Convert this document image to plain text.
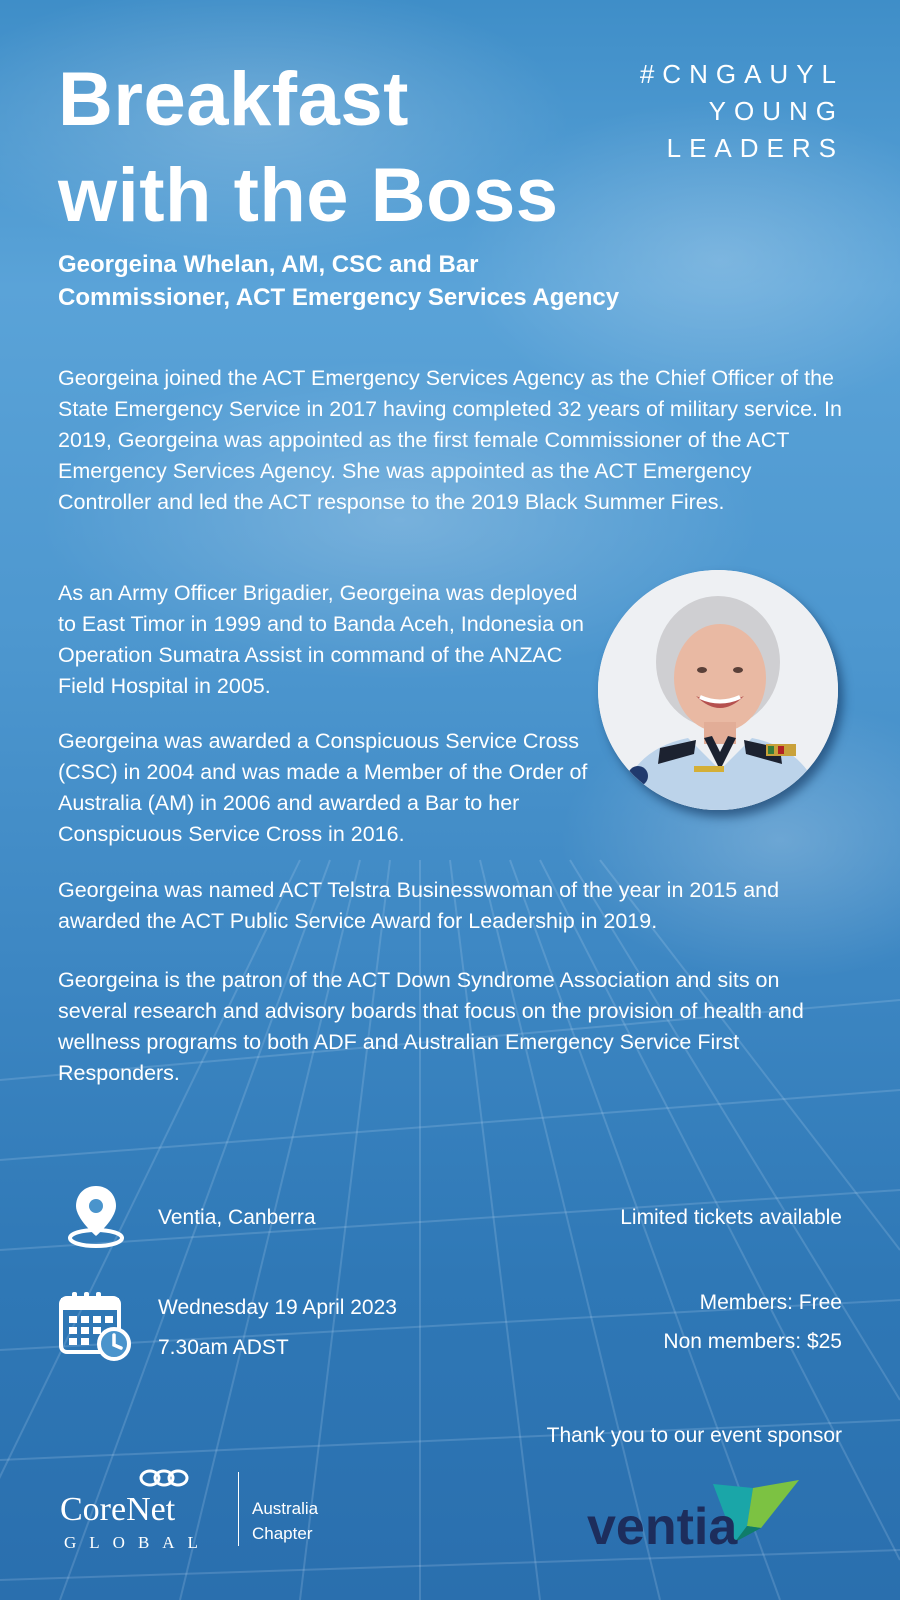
#CNGAUYL
YOUNG
LEADERS
Breakfast
with the Boss
Georgeina Whelan, AM, CSC and Bar
Commissioner, ACT Emergency Services Agency

Georgeina joined the ACT Emergency Services Agency as the Chief Officer of the State Emergency Service in 2017 having completed 32 years of military service. In 2019, Georgeina was appointed as the first female Commissioner of the ACT Emergency Services Agency. She was appointed as the ACT Emergency Controller and led the ACT response to the 2019 Black Summer Fires.

As an Army Officer Brigadier, Georgeina was deployed to East Timor in 1999 and to Banda Aceh, Indonesia on Operation Sumatra Assist in command of the ANZAC Field Hospital in 2005.

Georgeina was awarded a Conspicuous Service Cross (CSC) in 2004 and was made a Member of the Order of Australia (AM) in 2006 and awarded a Bar to her Conspicuous Service Cross in 2016.

Georgeina was named ACT Telstra Businesswoman of the year in 2015 and awarded the ACT Public Service Award for Leadership in 2019.

Georgeina is the patron of the ACT Down Syndrome Association and sits on several research and advisory boards that focus on the provision of health and wellness programs to both ADF and Australian Emergency Service First Responders.

Ventia, Canberra
Wednesday 19 April 2023
7.30am ADST
Limited tickets available
Members: Free
Non members: $25
Thank you to our event sponsor
CoreNet
GLOBAL
Australia
Chapter	ventia
